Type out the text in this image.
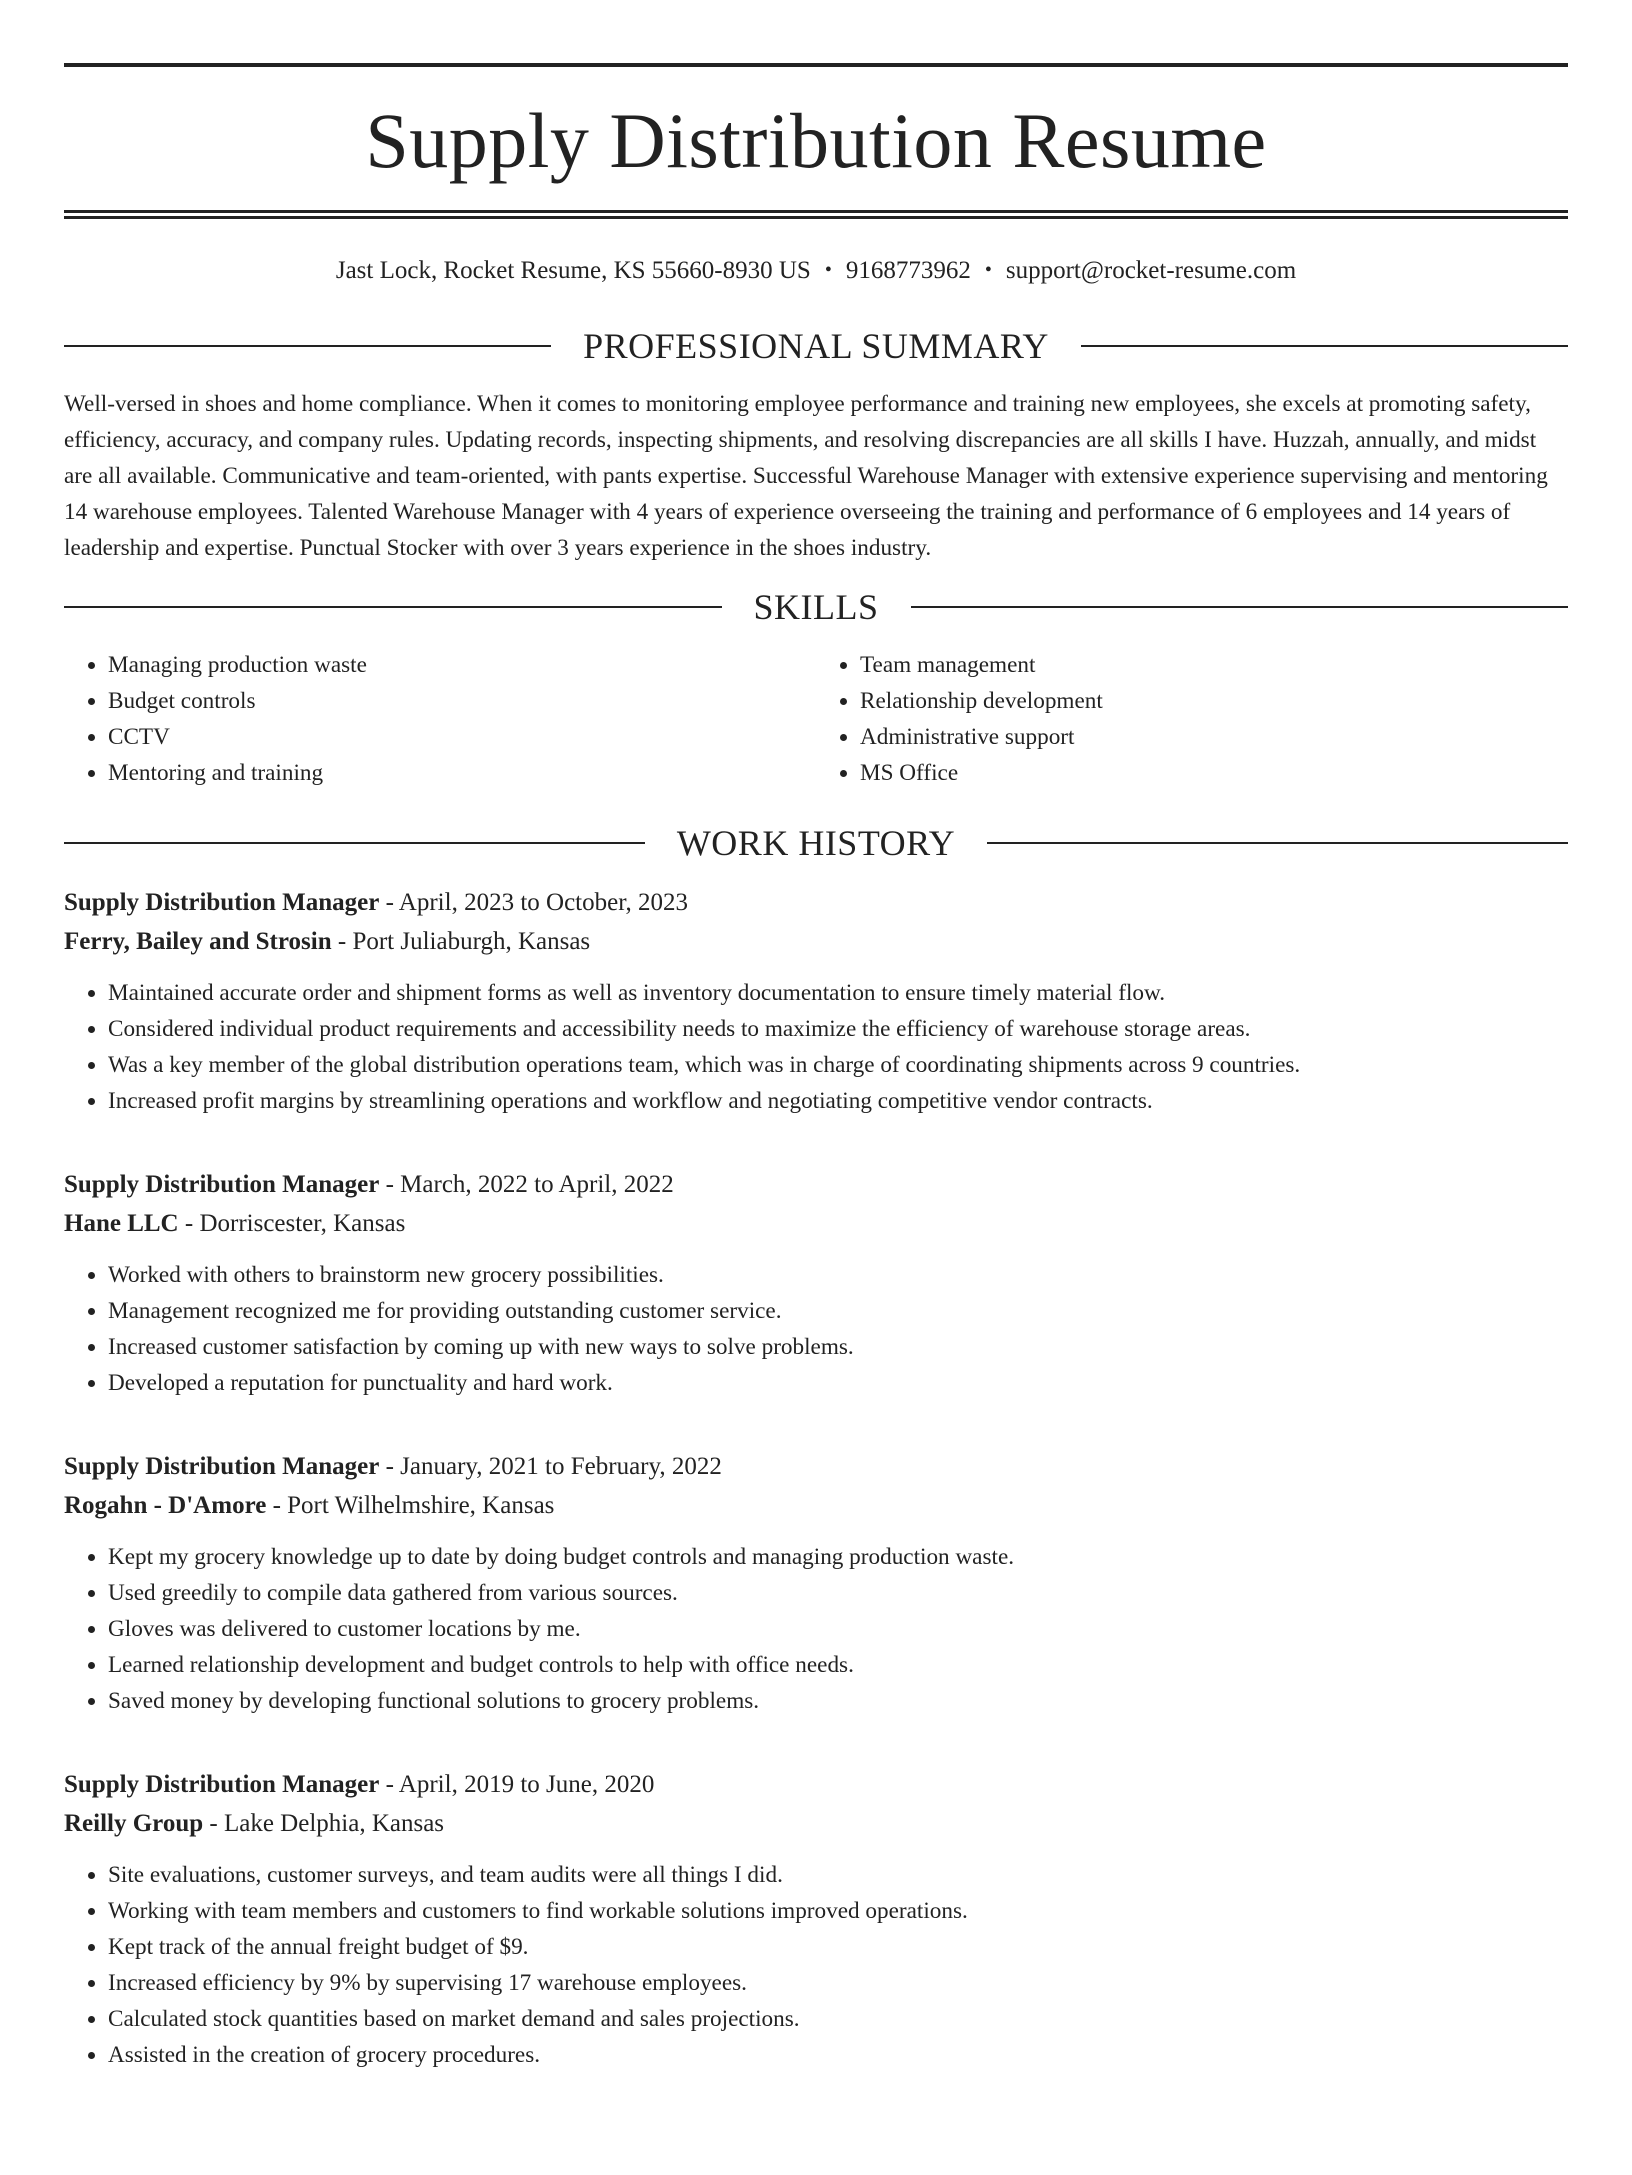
Supply Distribution Resume
Jast Lock, Rocket Resume, KS 55660-8930 US • 9168773962 • support@rocket-resume.com
PROFESSIONAL SUMMARY

Well-versed in shoes and home compliance. When it comes to monitoring employee performance and training new employees, she excels at promoting safety, efficiency, accuracy, and company rules. Updating records, inspecting shipments, and resolving discrepancies are all skills I have. Huzzah, annually, and midst are all available. Communicative and team-oriented, with pants expertise. Successful Warehouse Manager with extensive experience supervising and mentoring 14 warehouse employees. Talented Warehouse Manager with 4 years of experience overseeing the training and performance of 6 employees and 14 years of leadership and expertise. Punctual Stocker with over 3 years experience in the shoes industry.

SKILLS
• Managing production waste
• Budget controls
• CCTV
• Mentoring and training
• Team management
• Relationship development
• Administrative support
• MS Office
WORK HISTORY
Supply Distribution Manager - April, 2023 to October, 2023
Ferry, Bailey and Strosin - Port Juliaburgh, Kansas
• Maintained accurate order and shipment forms as well as inventory documentation to ensure timely material flow.
• Considered individual product requirements and accessibility needs to maximize the efficiency of warehouse storage areas.
• Was a key member of the global distribution operations team, which was in charge of coordinating shipments across 9 countries.
• Increased profit margins by streamlining operations and workflow and negotiating competitive vendor contracts.
Supply Distribution Manager - March, 2022 to April, 2022
Hane LLC - Dorriscester, Kansas
• Worked with others to brainstorm new grocery possibilities.
• Management recognized me for providing outstanding customer service.
• Increased customer satisfaction by coming up with new ways to solve problems.
• Developed a reputation for punctuality and hard work.
Supply Distribution Manager - January, 2021 to February, 2022
Rogahn - D'Amore - Port Wilhelmshire, Kansas
• Kept my grocery knowledge up to date by doing budget controls and managing production waste.
• Used greedily to compile data gathered from various sources.
• Gloves was delivered to customer locations by me.
• Learned relationship development and budget controls to help with office needs.
• Saved money by developing functional solutions to grocery problems.
Supply Distribution Manager - April, 2019 to June, 2020
Reilly Group - Lake Delphia, Kansas
• Site evaluations, customer surveys, and team audits were all things I did.
• Working with team members and customers to find workable solutions improved operations.
• Kept track of the annual freight budget of $9.
• Increased efficiency by 9% by supervising 17 warehouse employees.
• Calculated stock quantities based on market demand and sales projections.
• Assisted in the creation of grocery procedures.
